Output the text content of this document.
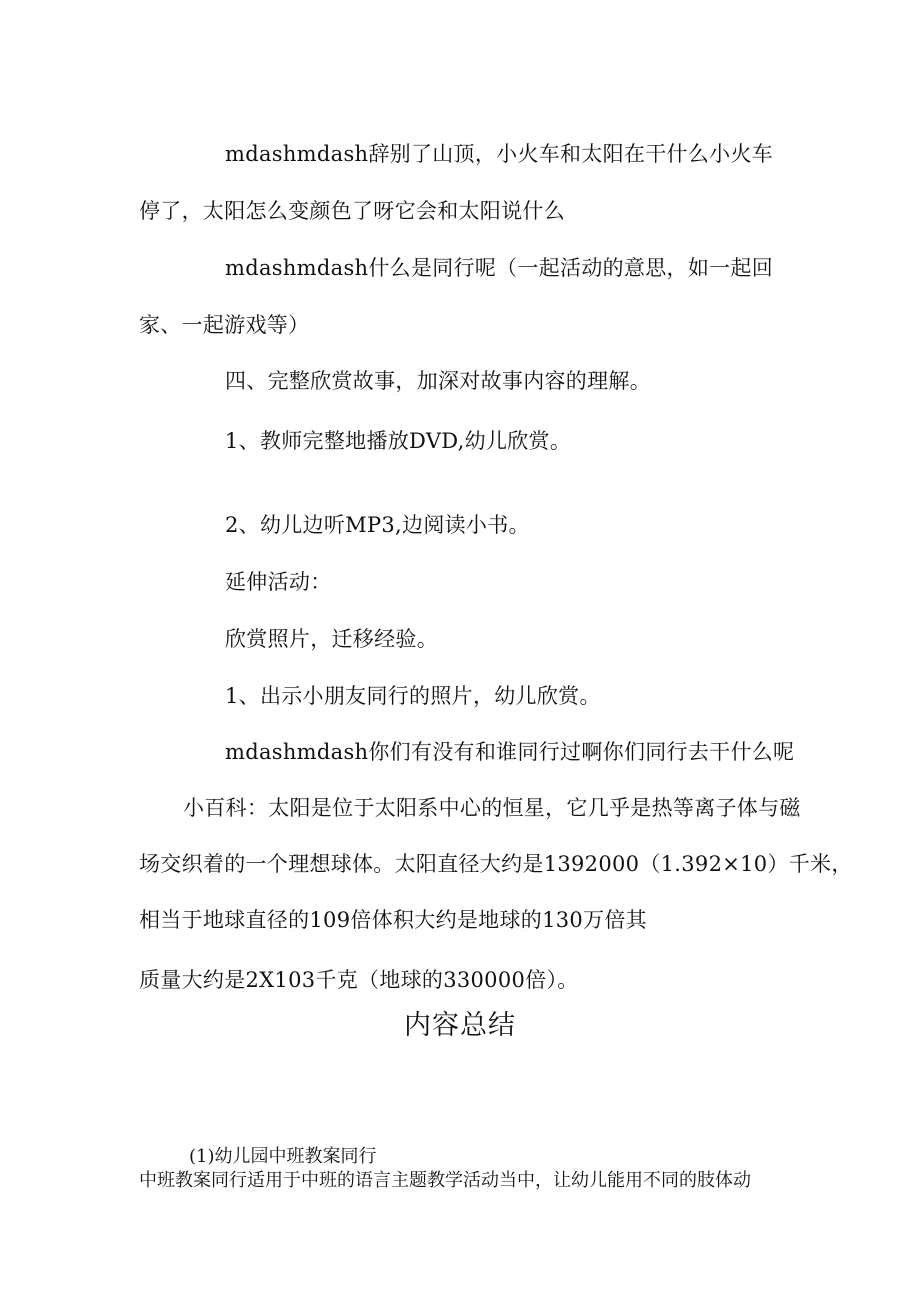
mdashmdash辞别了山顶，小火车和太阳在干什么小火车
停了，太阳怎么变颜色了呀它会和太阳说什么
mdashmdash什么是同行呢（一起活动的意思，如一起回
家、一起游戏等）
四、完整欣赏故事，加深对故事内容的理解。
1、教师完整地播放DVD,幼儿欣赏。
2、幼儿边听MP3,边阅读小书。
延伸活动：
欣赏照片，迁移经验。
1、出示小朋友同行的照片，幼儿欣赏。
mdashmdash你们有没有和谁同行过啊你们同行去干什么呢
小百科：太阳是位于太阳系中心的恒星，它几乎是热等离子体与磁
场交织着的一个理想球体。太阳直径大约是1392000（1.392×10）千米，
相当于地球直径的109倍体积大约是地球的130万倍其
质量大约是2X103千克（地球的330000倍）。
内容总结
(1)幼儿园中班教案同行
中班教案同行适用于中班的语言主题教学活动当中，让幼儿能用不同的肢体动
